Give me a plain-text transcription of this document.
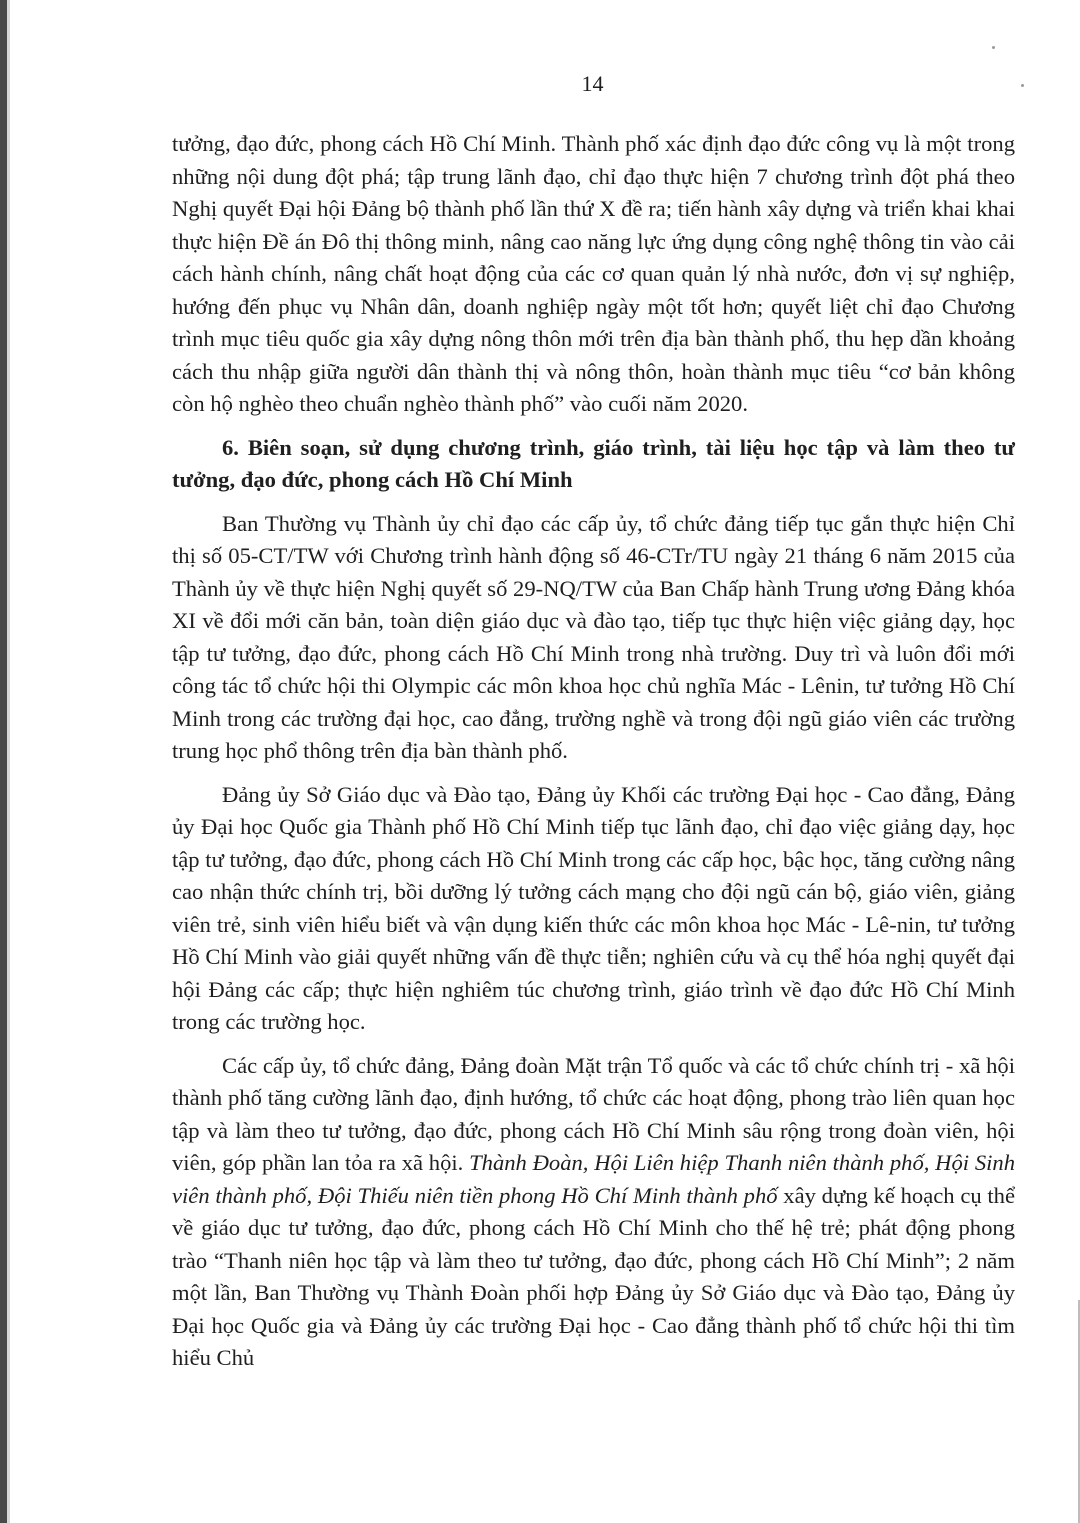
14

tưởng, đạo đức, phong cách Hồ Chí Minh. Thành phố xác định đạo đức công vụ là một trong những nội dung đột phá; tập trung lãnh đạo, chỉ đạo thực hiện 7 chương trình đột phá theo Nghị quyết Đại hội Đảng bộ thành phố lần thứ X đề ra; tiến hành xây dựng và triển khai khai thực hiện Đề án Đô thị thông minh, nâng cao năng lực ứng dụng công nghệ thông tin vào cải cách hành chính, nâng chất hoạt động của các cơ quan quản lý nhà nước, đơn vị sự nghiệp, hướng đến phục vụ Nhân dân, doanh nghiệp ngày một tốt hơn; quyết liệt chỉ đạo Chương trình mục tiêu quốc gia xây dựng nông thôn mới trên địa bàn thành phố, thu hẹp dần khoảng cách thu nhập giữa người dân thành thị và nông thôn, hoàn thành mục tiêu “cơ bản không còn hộ nghèo theo chuẩn nghèo thành phố” vào cuối năm 2020.

6. Biên soạn, sử dụng chương trình, giáo trình, tài liệu học tập và làm theo tư tưởng, đạo đức, phong cách Hồ Chí Minh

Ban Thường vụ Thành ủy chỉ đạo các cấp ủy, tổ chức đảng tiếp tục gắn thực hiện Chỉ thị số 05-CT/TW với Chương trình hành động số 46-CTr/TU ngày 21 tháng 6 năm 2015 của Thành ủy về thực hiện Nghị quyết số 29-NQ/TW của Ban Chấp hành Trung ương Đảng khóa XI về đổi mới căn bản, toàn diện giáo dục và đào tạo, tiếp tục thực hiện việc giảng dạy, học tập tư tưởng, đạo đức, phong cách Hồ Chí Minh trong nhà trường. Duy trì và luôn đổi mới công tác tổ chức hội thi Olympic các môn khoa học chủ nghĩa Mác - Lênin, tư tưởng Hồ Chí Minh trong các trường đại học, cao đẳng, trường nghề và trong đội ngũ giáo viên các trường trung học phổ thông trên địa bàn thành phố.

Đảng ủy Sở Giáo dục và Đào tạo, Đảng ủy Khối các trường Đại học - Cao đẳng, Đảng ủy Đại học Quốc gia Thành phố Hồ Chí Minh tiếp tục lãnh đạo, chỉ đạo việc giảng dạy, học tập tư tưởng, đạo đức, phong cách Hồ Chí Minh trong các cấp học, bậc học, tăng cường nâng cao nhận thức chính trị, bồi dưỡng lý tưởng cách mạng cho đội ngũ cán bộ, giáo viên, giảng viên trẻ, sinh viên hiểu biết và vận dụng kiến thức các môn khoa học Mác - Lê-nin, tư tưởng Hồ Chí Minh vào giải quyết những vấn đề thực tiễn; nghiên cứu và cụ thể hóa nghị quyết đại hội Đảng các cấp; thực hiện nghiêm túc chương trình, giáo trình về đạo đức Hồ Chí Minh trong các trường học.

Các cấp ủy, tổ chức đảng, Đảng đoàn Mặt trận Tổ quốc và các tổ chức chính trị - xã hội thành phố tăng cường lãnh đạo, định hướng, tổ chức các hoạt động, phong trào liên quan học tập và làm theo tư tưởng, đạo đức, phong cách Hồ Chí Minh sâu rộng trong đoàn viên, hội viên, góp phần lan tỏa ra xã hội. Thành Đoàn, Hội Liên hiệp Thanh niên thành phố, Hội Sinh viên thành phố, Đội Thiếu niên tiền phong Hồ Chí Minh thành phố xây dựng kế hoạch cụ thể về giáo dục tư tưởng, đạo đức, phong cách Hồ Chí Minh cho thế hệ trẻ; phát động phong trào “Thanh niên học tập và làm theo tư tưởng, đạo đức, phong cách Hồ Chí Minh”; 2 năm một lần, Ban Thường vụ Thành Đoàn phối hợp Đảng ủy Sở Giáo dục và Đào tạo, Đảng ủy Đại học Quốc gia và Đảng ủy các trường Đại học - Cao đẳng thành phố tổ chức hội thi tìm hiểu Chủ
